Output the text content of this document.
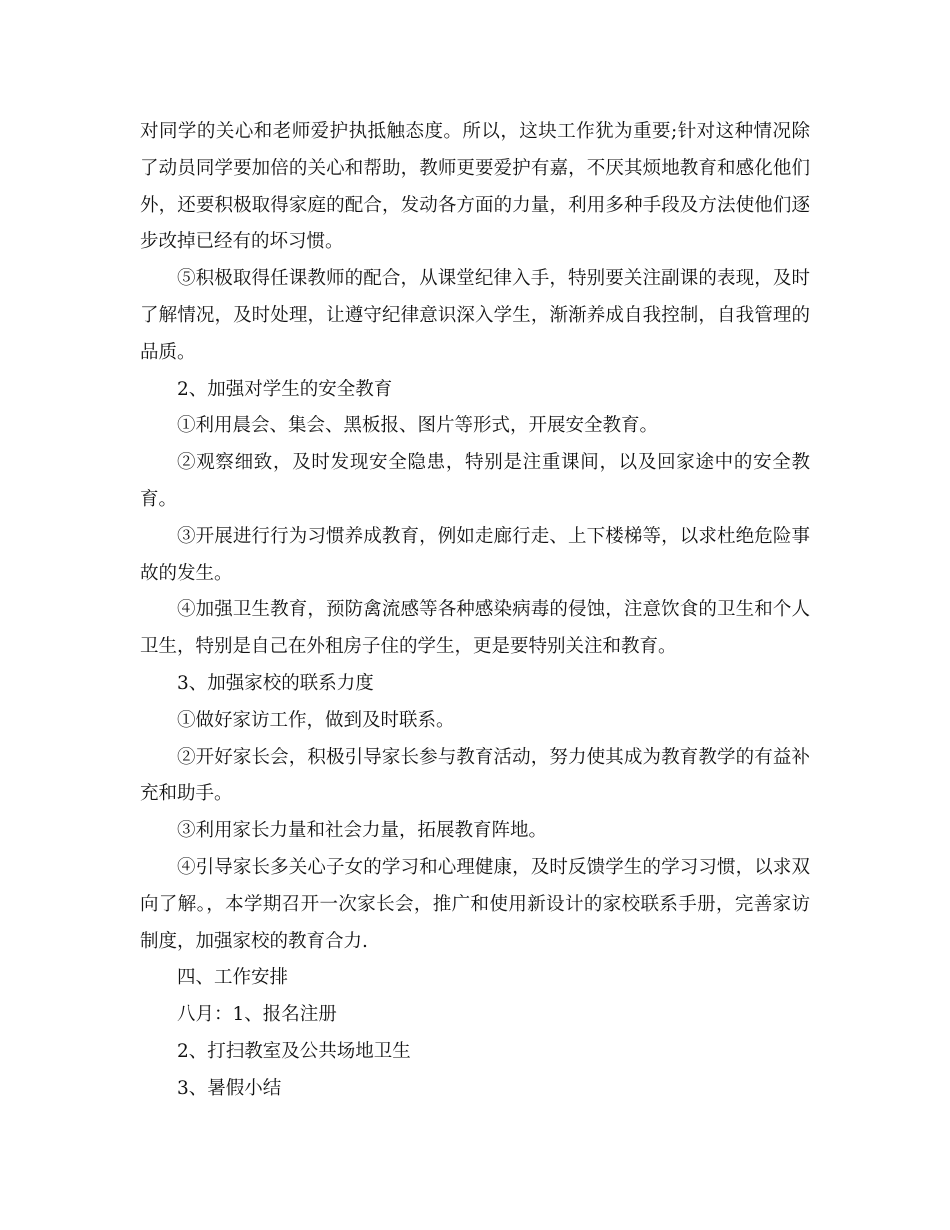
对同学的关心和老师爱护执抵触态度。所以，这块工作犹为重要;针对这种情况除了动员同学要加倍的关心和帮助，教师更要爱护有嘉，不厌其烦地教育和感化他们外，还要积极取得家庭的配合，发动各方面的力量，利用多种手段及方法使他们逐步改掉已经有的坏习惯。

⑤积极取得任课教师的配合，从课堂纪律入手，特别要关注副课的表现，及时了解情况，及时处理，让遵守纪律意识深入学生，渐渐养成自我控制，自我管理的品质。

2、加强对学生的安全教育

①利用晨会、集会、黑板报、图片等形式，开展安全教育。

②观察细致，及时发现安全隐患，特别是注重课间，以及回家途中的安全教育。

③开展进行行为习惯养成教育，例如走廊行走、上下楼梯等，以求杜绝危险事故的发生。

④加强卫生教育，预防禽流感等各种感染病毒的侵蚀，注意饮食的卫生和个人卫生，特别是自己在外租房子住的学生，更是要特别关注和教育。

3、加强家校的联系力度

①做好家访工作，做到及时联系。

②开好家长会，积极引导家长参与教育活动，努力使其成为教育教学的有益补充和助手。

③利用家长力量和社会力量，拓展教育阵地。

④引导家长多关心子女的学习和心理健康，及时反馈学生的学习习惯，以求双向了解。，本学期召开一次家长会，推广和使用新设计的家校联系手册，完善家访制度，加强家校的教育合力.

四、工作安排

八月：1、报名注册

2、打扫教室及公共场地卫生

3、暑假小结
